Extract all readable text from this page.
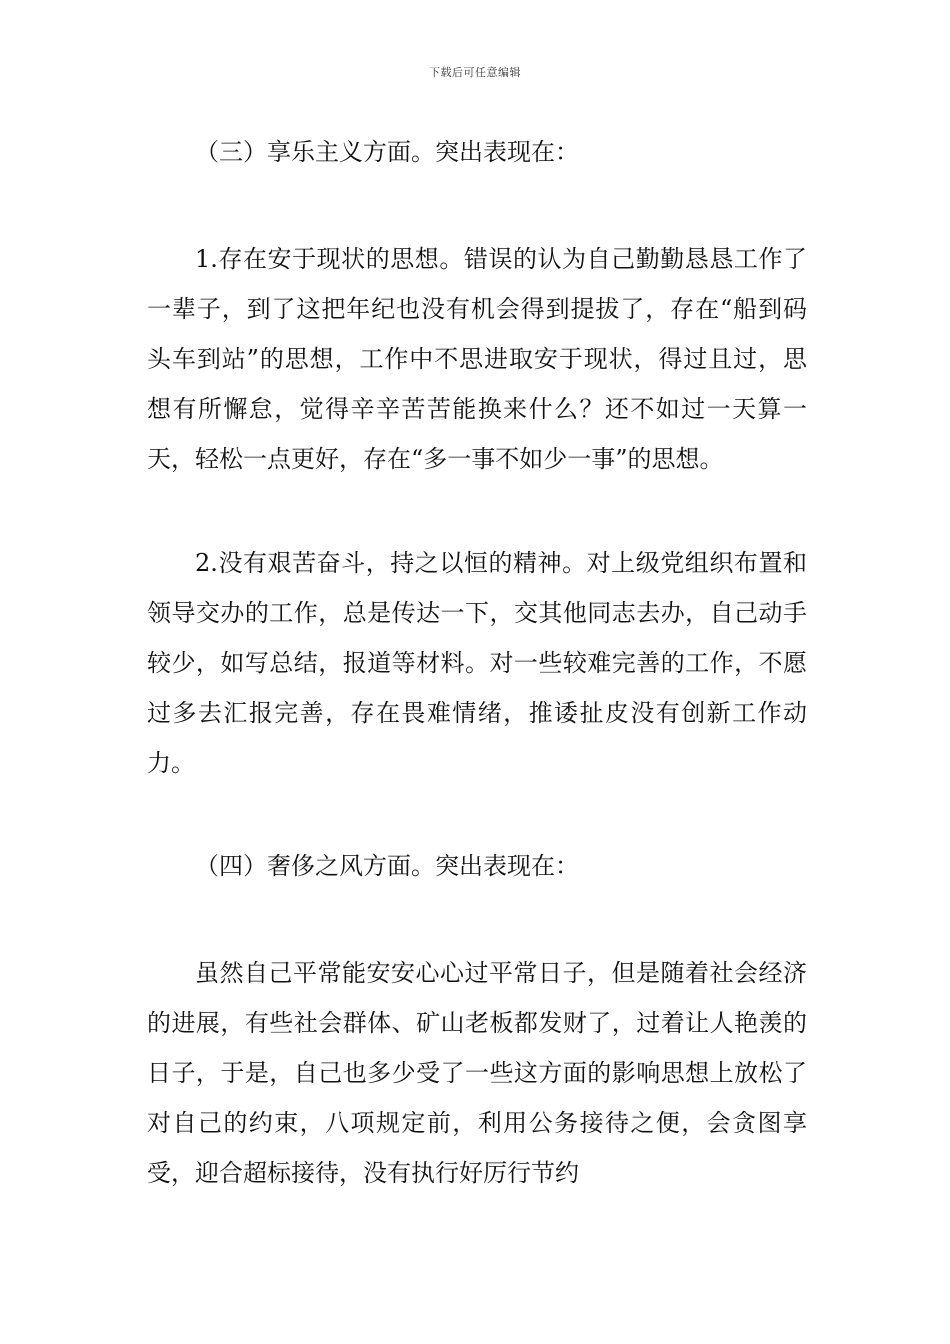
下载后可任意编辑

（三）享乐主义方面。突出表现在：

1.存在安于现状的思想。错误的认为自己勤勤恳恳工作了一辈子，到了这把年纪也没有机会得到提拔了，存在“船到码头车到站”的思想，工作中不思进取安于现状，得过且过，思想有所懈怠，觉得辛辛苦苦能换来什么？还不如过一天算一天，轻松一点更好，存在“多一事不如少一事”的思想。

2.没有艰苦奋斗，持之以恒的精神。对上级党组织布置和领导交办的工作，总是传达一下，交其他同志去办，自己动手较少，如写总结，报道等材料。对一些较难完善的工作，不愿过多去汇报完善，存在畏难情绪，推诿扯皮没有创新工作动力。

（四）奢侈之风方面。突出表现在：

虽然自己平常能安安心心过平常日子，但是随着社会经济的进展，有些社会群体、矿山老板都发财了，过着让人艳羡的日子，于是，自己也多少受了一些这方面的影响思想上放松了对自己的约束，八项规定前，利用公务接待之便，会贪图享受，迎合超标接待，没有执行好厉行节约
